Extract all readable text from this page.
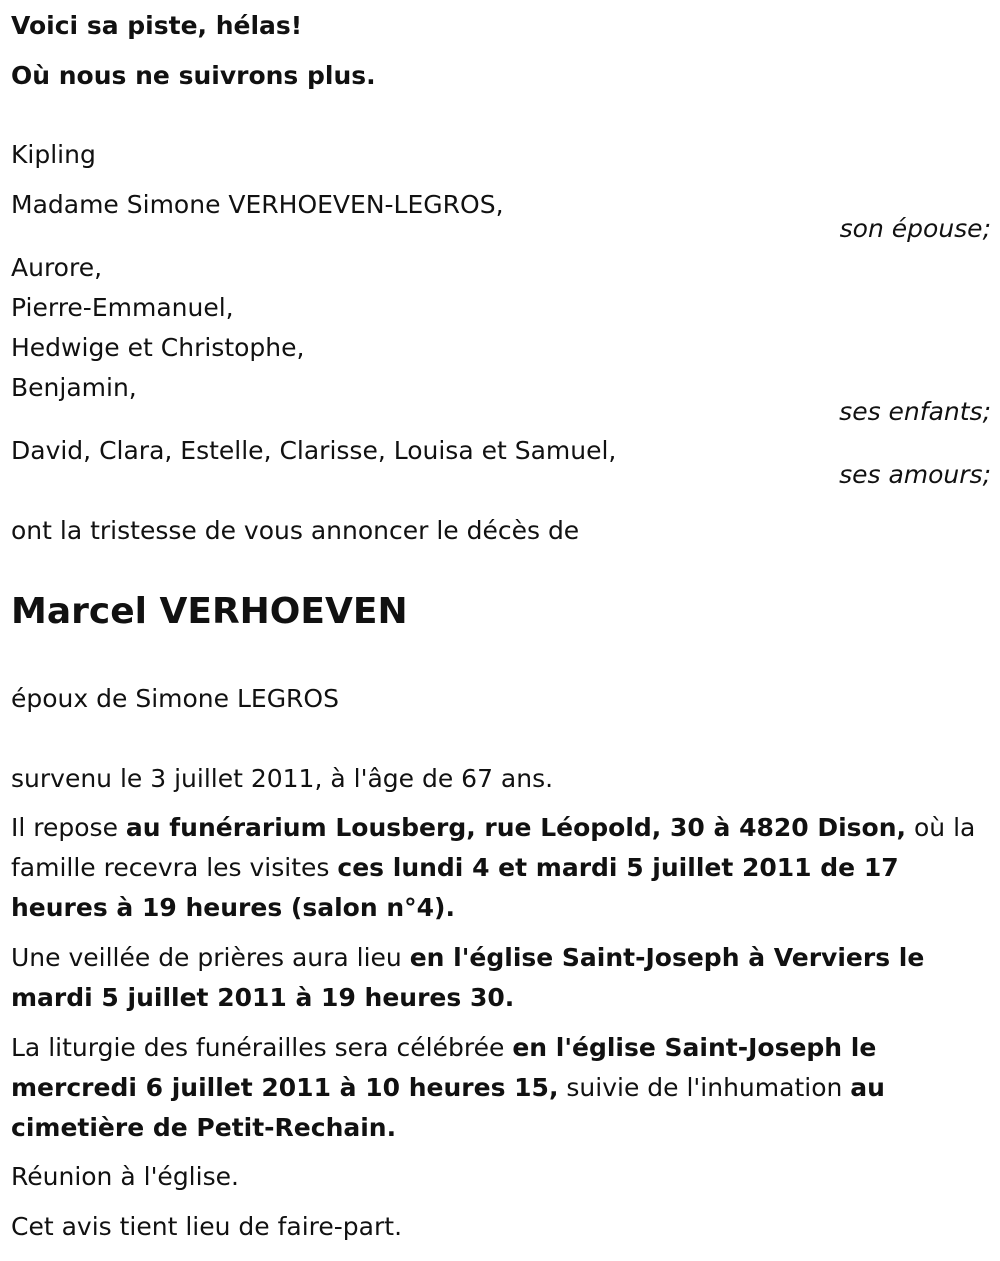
Voici sa piste, hélas!
Où nous ne suivrons plus.
Kipling
Madame Simone VERHOEVEN-LEGROS,
son épouse;
Aurore,
Pierre-Emmanuel,
Hedwige et Christophe,
Benjamin,
ses enfants;
David, Clara, Estelle, Clarisse, Louisa et Samuel,
ses amours;
ont la tristesse de vous annoncer le décès de
Marcel VERHOEVEN
époux de Simone LEGROS
survenu le 3 juillet 2011, à l'âge de 67 ans.

Il repose au funérarium Lousberg, rue Léopold, 30 à 4820 Dison, où la famille recevra les visites ces lundi 4 et mardi 5 juillet 2011 de 17 heures à 19 heures (salon n°4).

Une veillée de prières aura lieu en l'église Saint-Joseph à Verviers le mardi 5 juillet 2011 à 19 heures 30.

La liturgie des funérailles sera célébrée en l'église Saint-Joseph le mercredi 6 juillet 2011 à 10 heures 15, suivie de l'inhumation au cimetière de Petit-Rechain.

Réunion à l'église.
Cet avis tient lieu de faire-part.
